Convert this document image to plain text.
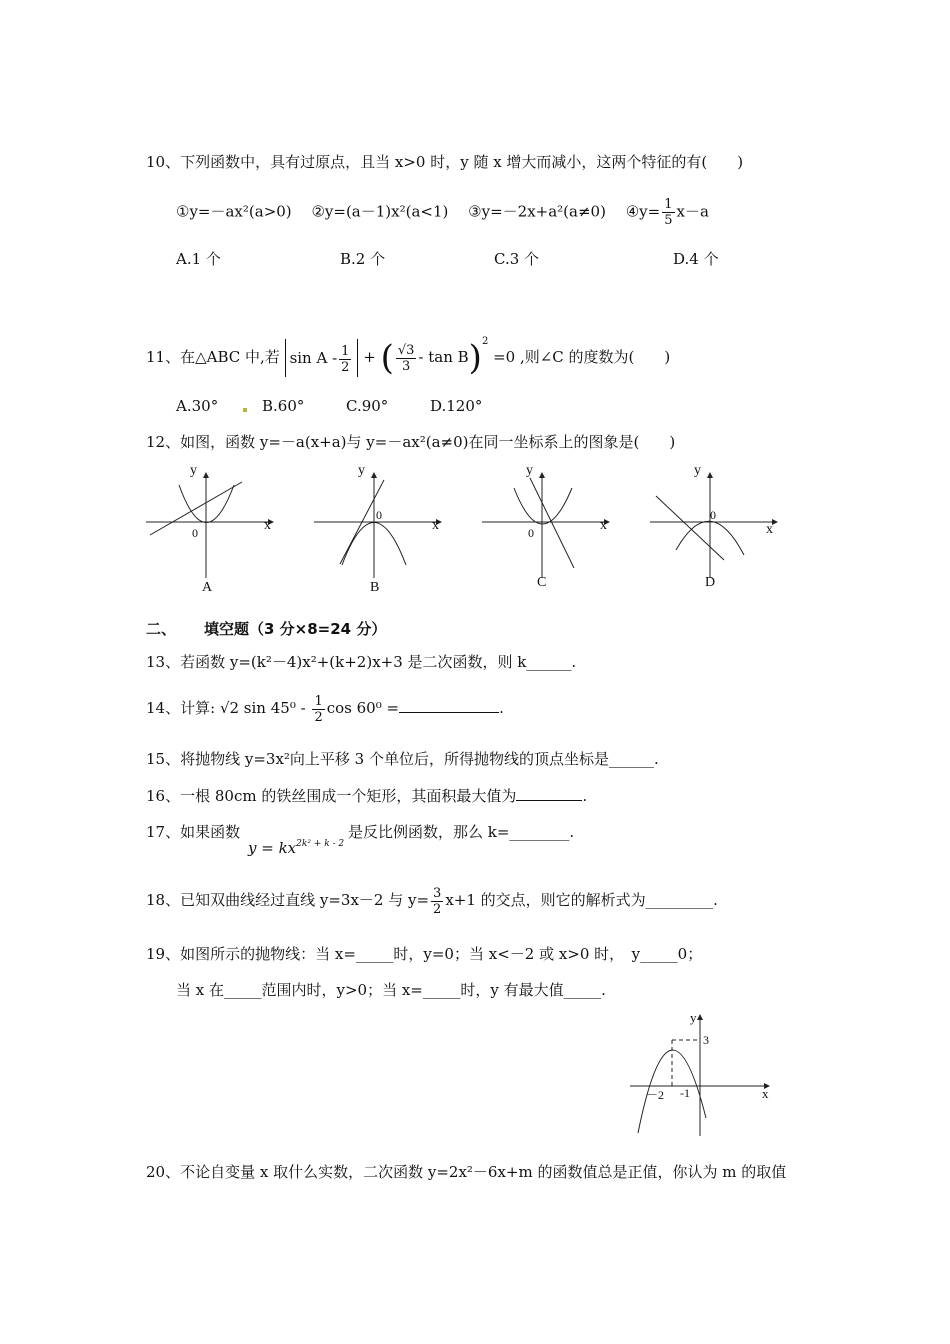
10、下列函数中，具有过原点，且当 x>0 时，y 随 x 增大而减小，这两个特征的有(　　)
①y=－ax²(a>0)　 ②y=(a－1)x²(a<1)　 ③y=－2x+a²(a≠0)　 ④y= $\frac{1}{5} x-a$
A.1 个	B.2 个	C.3 个	D.4 个
11、在△ABC 中,若 sin A - $\frac{1}{2}$ + ( $\frac{√3}{3} - \tan B)^2 =0$ ,则∠C 的度数为(　　)
A.30°	B.60°	C.90°	D.120°
12、如图，函数 y=－a(x+a)与 y=－ax²(a≠0)在同一坐标系上的图象是(　　)
y
x
0
A
y
x
0
B
y
x
0
C
y
x
0
D
二、 填空题（3 分×8=24 分）
13、若函数 y=(k²－4)x²+(k+2)x+3 是二次函数，则 k______.
14、计算: √2 $\sin 45^0 - \frac{1}{2}$ cos 60⁰ =	.
15、将抛物线 y=3x²向上平移 3 个单位后，所得抛物线的顶点坐标是______.
16、一根 80cm 的铁丝围成一个矩形，其面积最大值为	.
17、如果函数
$y = kx^{2k^2 + k - 2}$
是反比例函数，那么 k=________.
18、已知双曲线经过直线 y=3x－2 与 $y= \frac{3}{2} x+1$ 的交点，则它的解析式为_________.
19、如图所示的抛物线：当 x=_____时，y=0；当 x<－2 或 x>0 时，　y_____0；
当 x 在_____范围内时，y>0；当 x=_____时，y 有最大值_____.
y
x
3
－2 -1
20、不论自变量 x 取什么实数，二次函数 y=2x²－6x+m 的函数值总是正值，你认为 m 的取值
